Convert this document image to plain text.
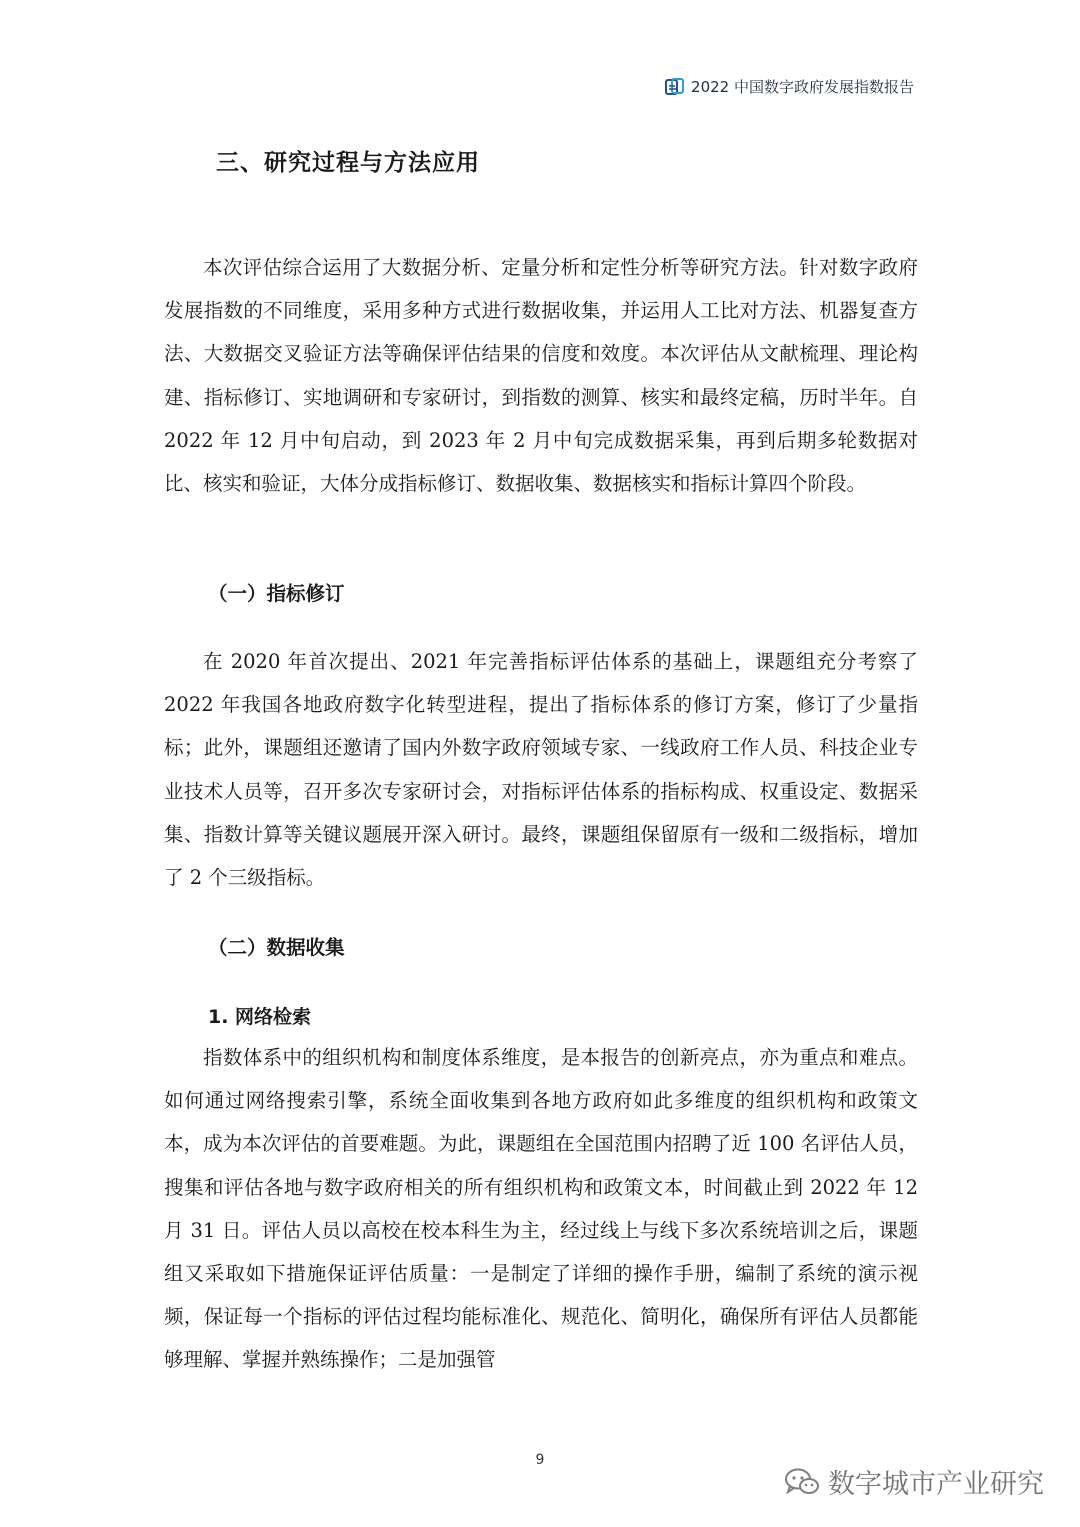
2022 中国数字政府发展指数报告
三、研究过程与方法应用

本次评估综合运用了大数据分析、定量分析和定性分析等研究方法。针对数字政府发展指数的不同维度，采用多种方式进行数据收集，并运用人工比对方法、机器复查方法、大数据交叉验证方法等确保评估结果的信度和效度。本次评估从文献梳理、理论构建、指标修订、实地调研和专家研讨，到指数的测算、核实和最终定稿，历时半年。自 2022 年 12 月中旬启动，到 2023 年 2 月中旬完成数据采集，再到后期多轮数据对比、核实和验证，大体分成指标修订、数据收集、数据核实和指标计算四个阶段。

（一）指标修订

在 2020 年首次提出、2021 年完善指标评估体系的基础上，课题组充分考察了 2022 年我国各地政府数字化转型进程，提出了指标体系的修订方案，修订了少量指标；此外，课题组还邀请了国内外数字政府领域专家、一线政府工作人员、科技企业专业技术人员等，召开多次专家研讨会，对指标评估体系的指标构成、权重设定、数据采集、指数计算等关键议题展开深入研讨。最终，课题组保留原有一级和二级指标，增加了 2 个三级指标。

（二）数据收集
1. 网络检索

指数体系中的组织机构和制度体系维度，是本报告的创新亮点，亦为重点和难点。如何通过网络搜索引擎，系统全面收集到各地方政府如此多维度的组织机构和政策文本，成为本次评估的首要难题。为此，课题组在全国范围内招聘了近 100 名评估人员，搜集和评估各地与数字政府相关的所有组织机构和政策文本，时间截止到 2022 年 12 月 31 日。评估人员以高校在校本科生为主，经过线上与线下多次系统培训之后，课题组又采取如下措施保证评估质量：一是制定了详细的操作手册，编制了系统的演示视频，保证每一个指标的评估过程均能标准化、规范化、简明化，确保所有评估人员都能够理解、掌握并熟练操作；二是加强管

9
数字城市产业研究
